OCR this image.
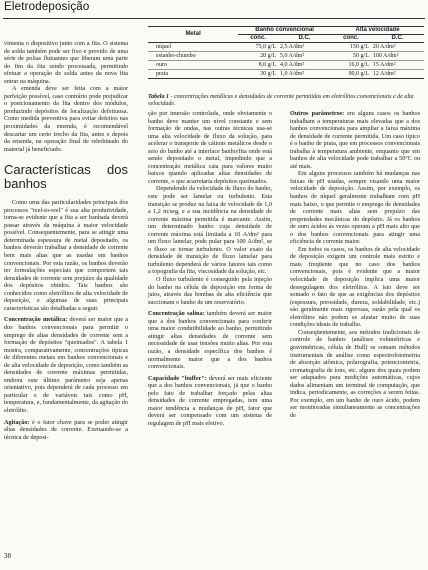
Eletrodeposição
Metal	Banho convencional		Alta velocidade	
	conc.	D.C.	conc.	D.C.
níquel	75,0 g/L	2,5 A/dm²	150 g/L	20 A/dm²
estanho-chumbo	20 g/L	5,0 A/dm²	50 g/L	100 A/dm²
ouro	8,0 g/L	4,0 A/dm²	16,0 g/L	15 A/dm²
prata	30 g/L	1,0 A/dm²	90,0 g/L	12 A/dm²
Tabela 1 - concentrações metálicas e densidades de corrente permitidas em eletrólitos convencionais e de alta velocidade.

vimenta o dispositivo junto com a fita. O sistema de solda também pode ser fixo e provido de uma série de polias flutuantes que liberam uma parte do fim da fita sendo processada, permitindo efetuar a operação de solda antes da nova fita entrar na máquina.

A emenda deve ser feita com a maior perfeição possível, caso contrário pode prejudicar o posicionamento da fita dentro dos módulos, produzindo depósitos de localização defeituosa. Como medida preventiva para evitar defeitos nas proximidades da emenda, é recomendável descartar um certo trecho da fita, antes e depois da emenda, na operação final de rebobinado do material já beneficiado.

Características dos banhos

Como uma das particularidades principais dos processos "reel-to-reel" é sua alta produtividade, torna-se evidente que a fita a ser banhada deverá passar através da máquina à maior velocidade possível. Consequentemente, para se atingir uma determinada espessura de metal depositado, os banhos deverão trabalhar a densidade de corrente bem mais altas que as usadas em banhos convencionais. Por esta razão, os banhos deverão ter formulações especiais que comportem tais densidades de corrente sem prejuízo da qualidade dos depósitos obtidos. Tais banhos são conhecidos como eletrólitos de alta velocidade de deposição, e algumas de suas principais características são detalhadas a seguir.

Concentração metálica: deverá ser maior que a dos banhos convencionais para permitir o emprego de altas densidades de corrente sem a formação de depósitos "queimados". A tabela 1 mostra, comparativamente, concentrações típicas de diferentes metais em banhos convencionais e de alta velocidade de deposição, como também as densidades de corrente máximas permitidas, embora este último parâmetro seja apenas orientativo, pois dependerá de cada processo em particular e de variáveis tais como pH, temperatura, e, fundamentalmente, da agitação do eletrólito.

Agitação: é o fator chave para se poder atingir altas densidades de corrente. Exetuando-se a técnica de deposi-

ção por imersão controlada, onde obviamente o banho deve manter um nível constante e sem formação de ondas, nas outras técnicas usa-se uma alta velocidade de fluxo da solução, para acelerar o transporte de cátions metálicos desde o seio do banho até a interface banho/fita onde está sendo depositado o metal, impedindo que a concentração metálica caia para valores muito baixos quando aplicadas altas densidades de corrente, o que acarretaria depósitos queimados.

Dependendo da velocidade de fluxo do banho, este pode ser lamelar ou turbulento. Esta transição se produz na faixa de velocidade de 1,0 a 1,2 m/seg, e a sua incidência na densidade de corrente máxima permitida é marcante. Assim, um determinado banho cuja densidade de corrente máxima está limitada a 10 A/dm² para um fluxo lamelar, pode pular para 100 A/dm², se o fluxo se tornar turbulento. O valor exato da densidade de transição de fluxo lamelar para turbulento dependerá de vários fatores tais como a topografia da fita, viscosidade da solução, etc.

O fluxo turbulento é conseguido pela injeção do banho na célula de deposição em forma de jatos, através das bombas de alta eficiência que succionam o banho de um reservatório.

Concentração salina: também deverá ser maior que a dos banhos convencionais para conferir uma maior condutibilidade ao banho, permitindo atingir altas densidades de corrente sem necessidade de usar tensões muito altas. Por esta razão, a densidade específica dos banhos é normalmente maior que a dos banhos convencionais.

Capacidade "buffer": deverá ser mais eficiente que a dos banhos convencionais, já que o banho pelo fato de trabalhar forçado pelas altas densidades de corrente empregadas, tem uma maior tendência a mudanças de pH, fator que deverá ser compensado com um sistema de regulagem de pH mais efetivo.

Outros parâmetros: em alguns casos os banhos trabalham a temperaturas mais elevadas que a dos banhos convencionais para ampliar a faixa máxima de densidade de corrente permitida. Um caso típico é o banho de prata, que em processos convencionais trabalha à temperatura ambiente, enquanto que em banhos de alta velocidade pode trabalhar a 50°C ou até mais.

Em alguns processos também há mudanças nas faixas de pH usadas, sempre visando uma maior velocidade de deposição. Assim, por exemplo, os banhos de níquel geralmente trabalham com pH mais baixo, o que permite o emprego de densidades de corrente mais altas sem prejuízo das propriedades mecânicas do depósito. Já os banhos de ouro ácidos às vezes operam a pH mais alto que o dos banhos convencionais para atingir uma eficiência de corrente maior.

Em todos os casos, os banhos de alta velocidade de deposição exigem um controle mais estrito e mais freqüente que no caso dos banhos convencionais, pois é evidente que a maior velocidade de deposição implica uma maior desregulagem dos eletrólitos. A isto deve ser somado o fato de que as exigências dos depósitos (espessura, porosidade, dureza, soldabilidade, etc.) são geralmente mais rigorosas, razão pela qual os eletrólitos não podem se afastar muito de suas condições ideais de trabalho.

Conseqüentemente, aos métodos tradicionais de controle de banhos (análises volumétricas e gravimétricas, célula de Hull) se somam métodos instrumentais de análise como espectrofotometria de absorção atômica, polarografia, potenciometria, cromatografia de íons, etc. alguns dos quais podem ser adaptados para medições automáticas, cujos dados alimentam um terminal de computação, que indica, periodicamente, as correções a serem feitas. Por exemplo, em um banho de ouro ácido, podem ser monitoradas simultaneamente as concentrações de

38
